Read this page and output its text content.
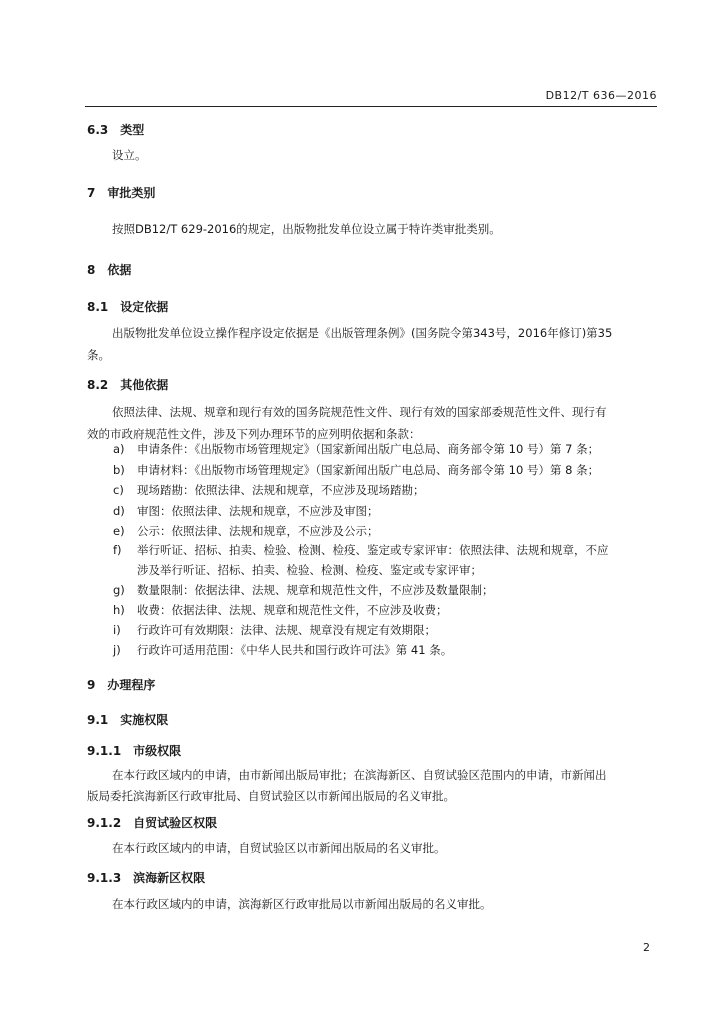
DB12/T 636—2016
6.3 类型
设立。
7 审批类别
按照DB12/T 629-2016的规定，出版物批发单位设立属于特许类审批类别。
8 依据
8.1 设定依据
出版物批发单位设立操作程序设定依据是《出版管理条例》(国务院令第343号，2016年修订)第35
条。
8.2 其他依据
依照法律、法规、规章和现行有效的国务院规范性文件、现行有效的国家部委规范性文件、现行有
效的市政府规范性文件，涉及下列办理环节的应列明依据和条款：
a) 申请条件：《出版物市场管理规定》（国家新闻出版广电总局、商务部令第 10 号）第 7 条；
b) 申请材料：《出版物市场管理规定》（国家新闻出版广电总局、商务部令第 10 号）第 8 条；
c) 现场踏勘：依照法律、法规和规章，不应涉及现场踏勘；
d) 审图：依照法律、法规和规章，不应涉及审图；
e) 公示：依照法律、法规和规章，不应涉及公示；
f) 举行听证、招标、拍卖、检验、检测、检疫、鉴定或专家评审：依照法律、法规和规章，不应
涉及举行听证、招标、拍卖、检验、检测、检疫、鉴定或专家评审；
g) 数量限制：依据法律、法规、规章和规范性文件，不应涉及数量限制；
h) 收费：依据法律、法规、规章和规范性文件，不应涉及收费；
i) 行政许可有效期限：法律、法规、规章没有规定有效期限；
j) 行政许可适用范围：《中华人民共和国行政许可法》第 41 条。
9 办理程序
9.1 实施权限
9.1.1 市级权限
在本行政区域内的申请，由市新闻出版局审批；在滨海新区、自贸试验区范围内的申请，市新闻出
版局委托滨海新区行政审批局、自贸试验区以市新闻出版局的名义审批。
9.1.2 自贸试验区权限
在本行政区域内的申请，自贸试验区以市新闻出版局的名义审批。
9.1.3 滨海新区权限
在本行政区域内的申请，滨海新区行政审批局以市新闻出版局的名义审批。
2
